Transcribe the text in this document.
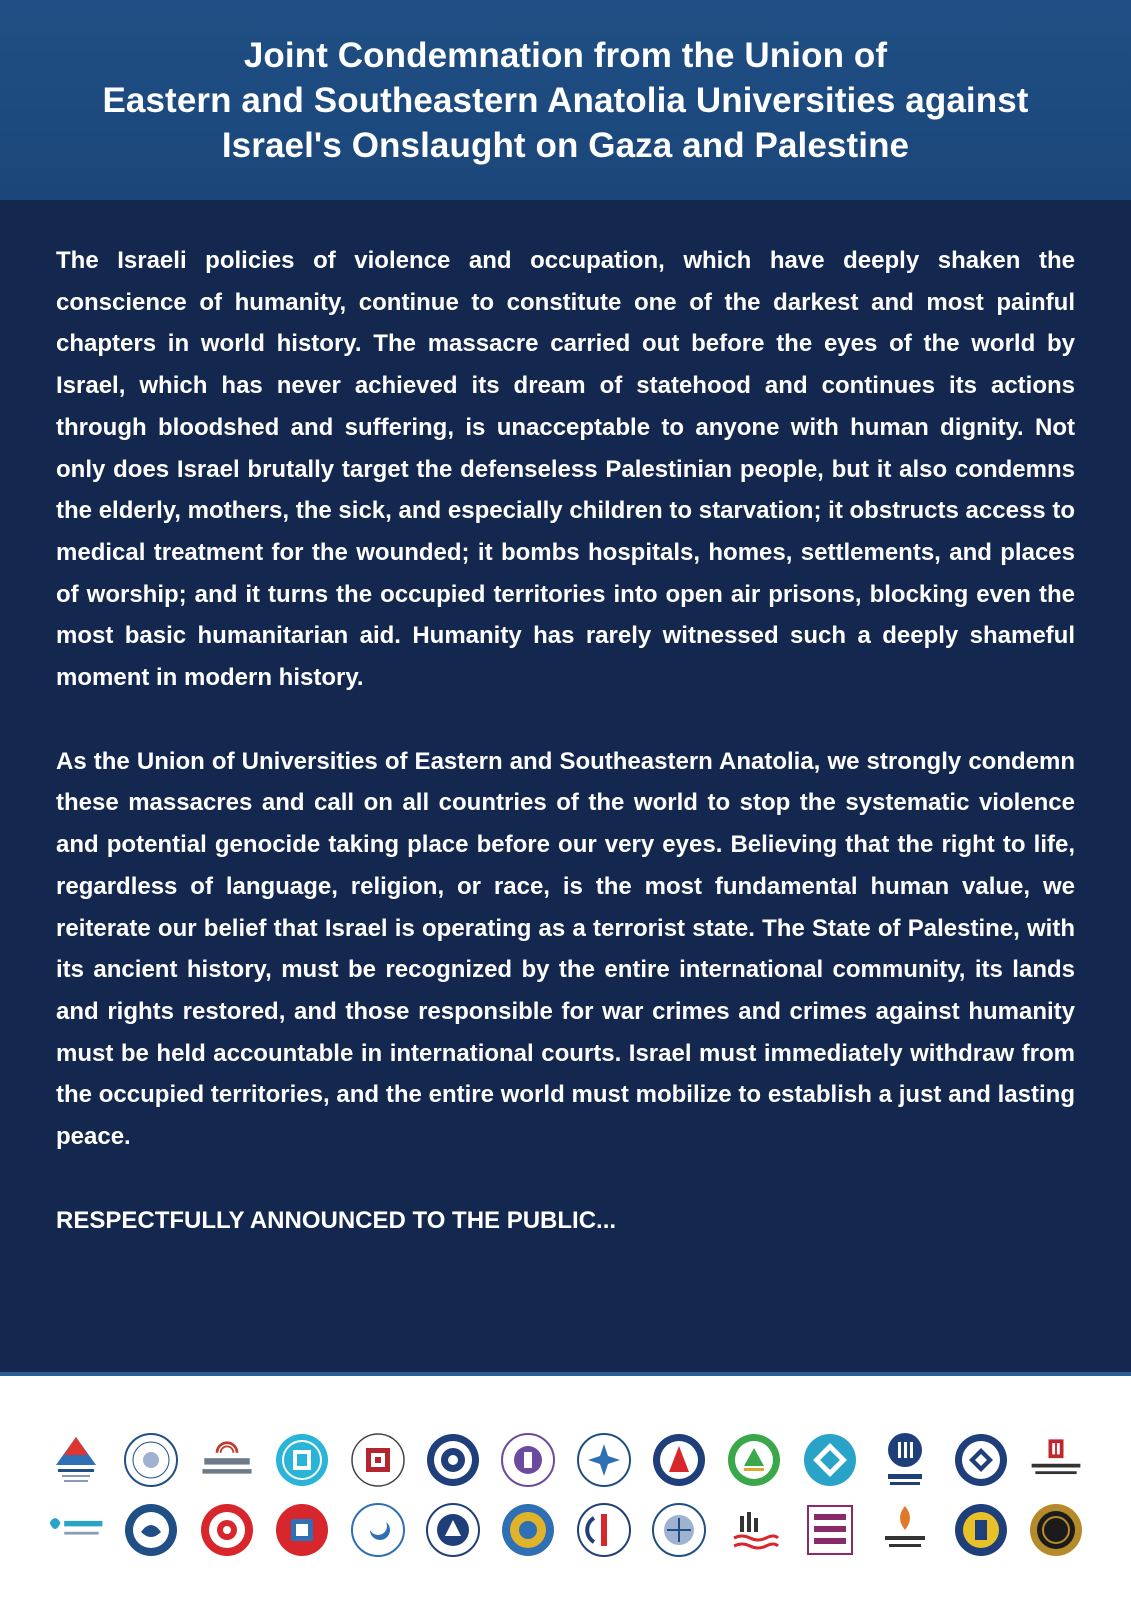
Joint Condemnation from the Union of
Eastern and Southeastern Anatolia Universities against
Israel's Onslaught on Gaza and Palestine

The Israeli policies of violence and occupation, which have deeply shaken the conscience of humanity, continue to constitute one of the darkest and most painful chapters in world history. The massacre carried out before the eyes of the world by Israel, which has never achieved its dream of statehood and continues its actions through bloodshed and suffering, is unacceptable to anyone with human dignity. Not only does Israel brutally target the defenseless Palestinian people, but it also condemns the elderly, mothers, the sick, and especially children to starvation; it obstructs access to medical treatment for the wounded; it bombs hospitals, homes, settlements, and places of worship; and it turns the occupied territories into open air prisons, blocking even the most basic humanitarian aid. Humanity has rarely witnessed such a deeply shameful moment in modern history.

As the Union of Universities of Eastern and Southeastern Anatolia, we strongly condemn these massacres and call on all countries of the world to stop the systematic violence and potential genocide taking place before our very eyes. Believing that the right to life, regardless of language, religion, or race, is the most fundamental human value, we reiterate our belief that Israel is operating as a terrorist state. The State of Palestine, with its ancient history, must be recognized by the entire international community, its lands and rights restored, and those responsible for war crimes and crimes against humanity must be held accountable in international courts. Israel must immediately withdraw from the occupied territories, and the entire world must mobilize to establish a just and lasting peace.

RESPECTFULLY ANNOUNCED TO THE PUBLIC...
